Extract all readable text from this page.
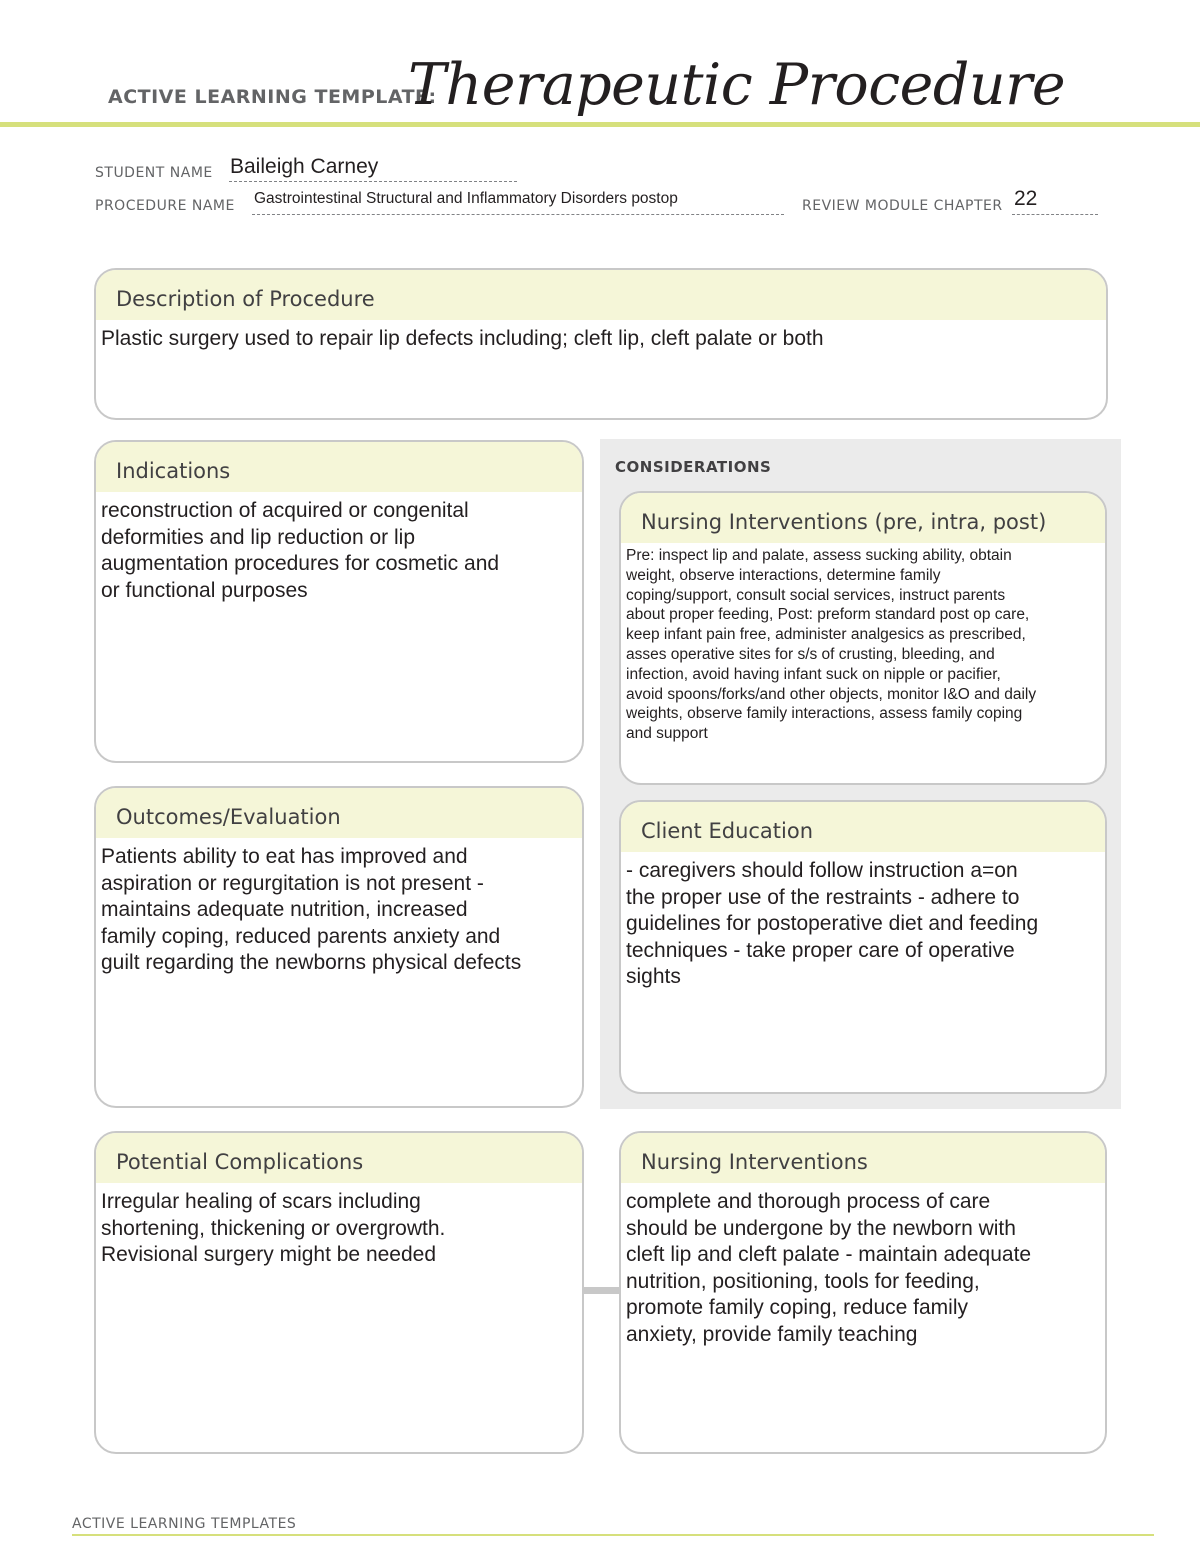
ACTIVE LEARNING TEMPLATE:
Therapeutic Procedure
STUDENT NAME Baileigh Carney
PROCEDURE NAME Gastrointestinal Structural and Inflammatory Disorders postop	REVIEW MODULE CHAPTER 22
Description of Procedure
Plastic surgery used to repair lip defects including; cleft lip, cleft palate or both
CONSIDERATIONS
Indications
reconstruction of acquired or congenital
deformities and lip reduction or lip
augmentation procedures for cosmetic and
or functional purposes
Nursing Interventions (pre, intra, post)
Pre: inspect lip and palate, assess sucking ability, obtain
weight, observe interactions, determine family
coping/support, consult social services, instruct parents
about proper feeding, Post: preform standard post op care,
keep infant pain free, administer analgesics as prescribed,
asses operative sites for s/s of crusting, bleeding, and
infection, avoid having infant suck on nipple or pacifier,
avoid spoons/forks/and other objects, monitor I&O and daily
weights, observe family interactions, assess family coping
and support
Outcomes/Evaluation
Patients ability to eat has improved and
aspiration or regurgitation is not present -
maintains adequate nutrition, increased
family coping, reduced parents anxiety and
guilt regarding the newborns physical defects
Client Education
- caregivers should follow instruction a=on
the proper use of the restraints - adhere to
guidelines for postoperative diet and feeding
techniques - take proper care of operative
sights
Potential Complications
Irregular healing of scars including
shortening, thickening or overgrowth.
Revisional surgery might be needed
Nursing Interventions
complete and thorough process of care
should be undergone by the newborn with
cleft lip and cleft palate - maintain adequate
nutrition, positioning, tools for feeding,
promote family coping, reduce family
anxiety, provide family teaching
ACTIVE LEARNING TEMPLATES
